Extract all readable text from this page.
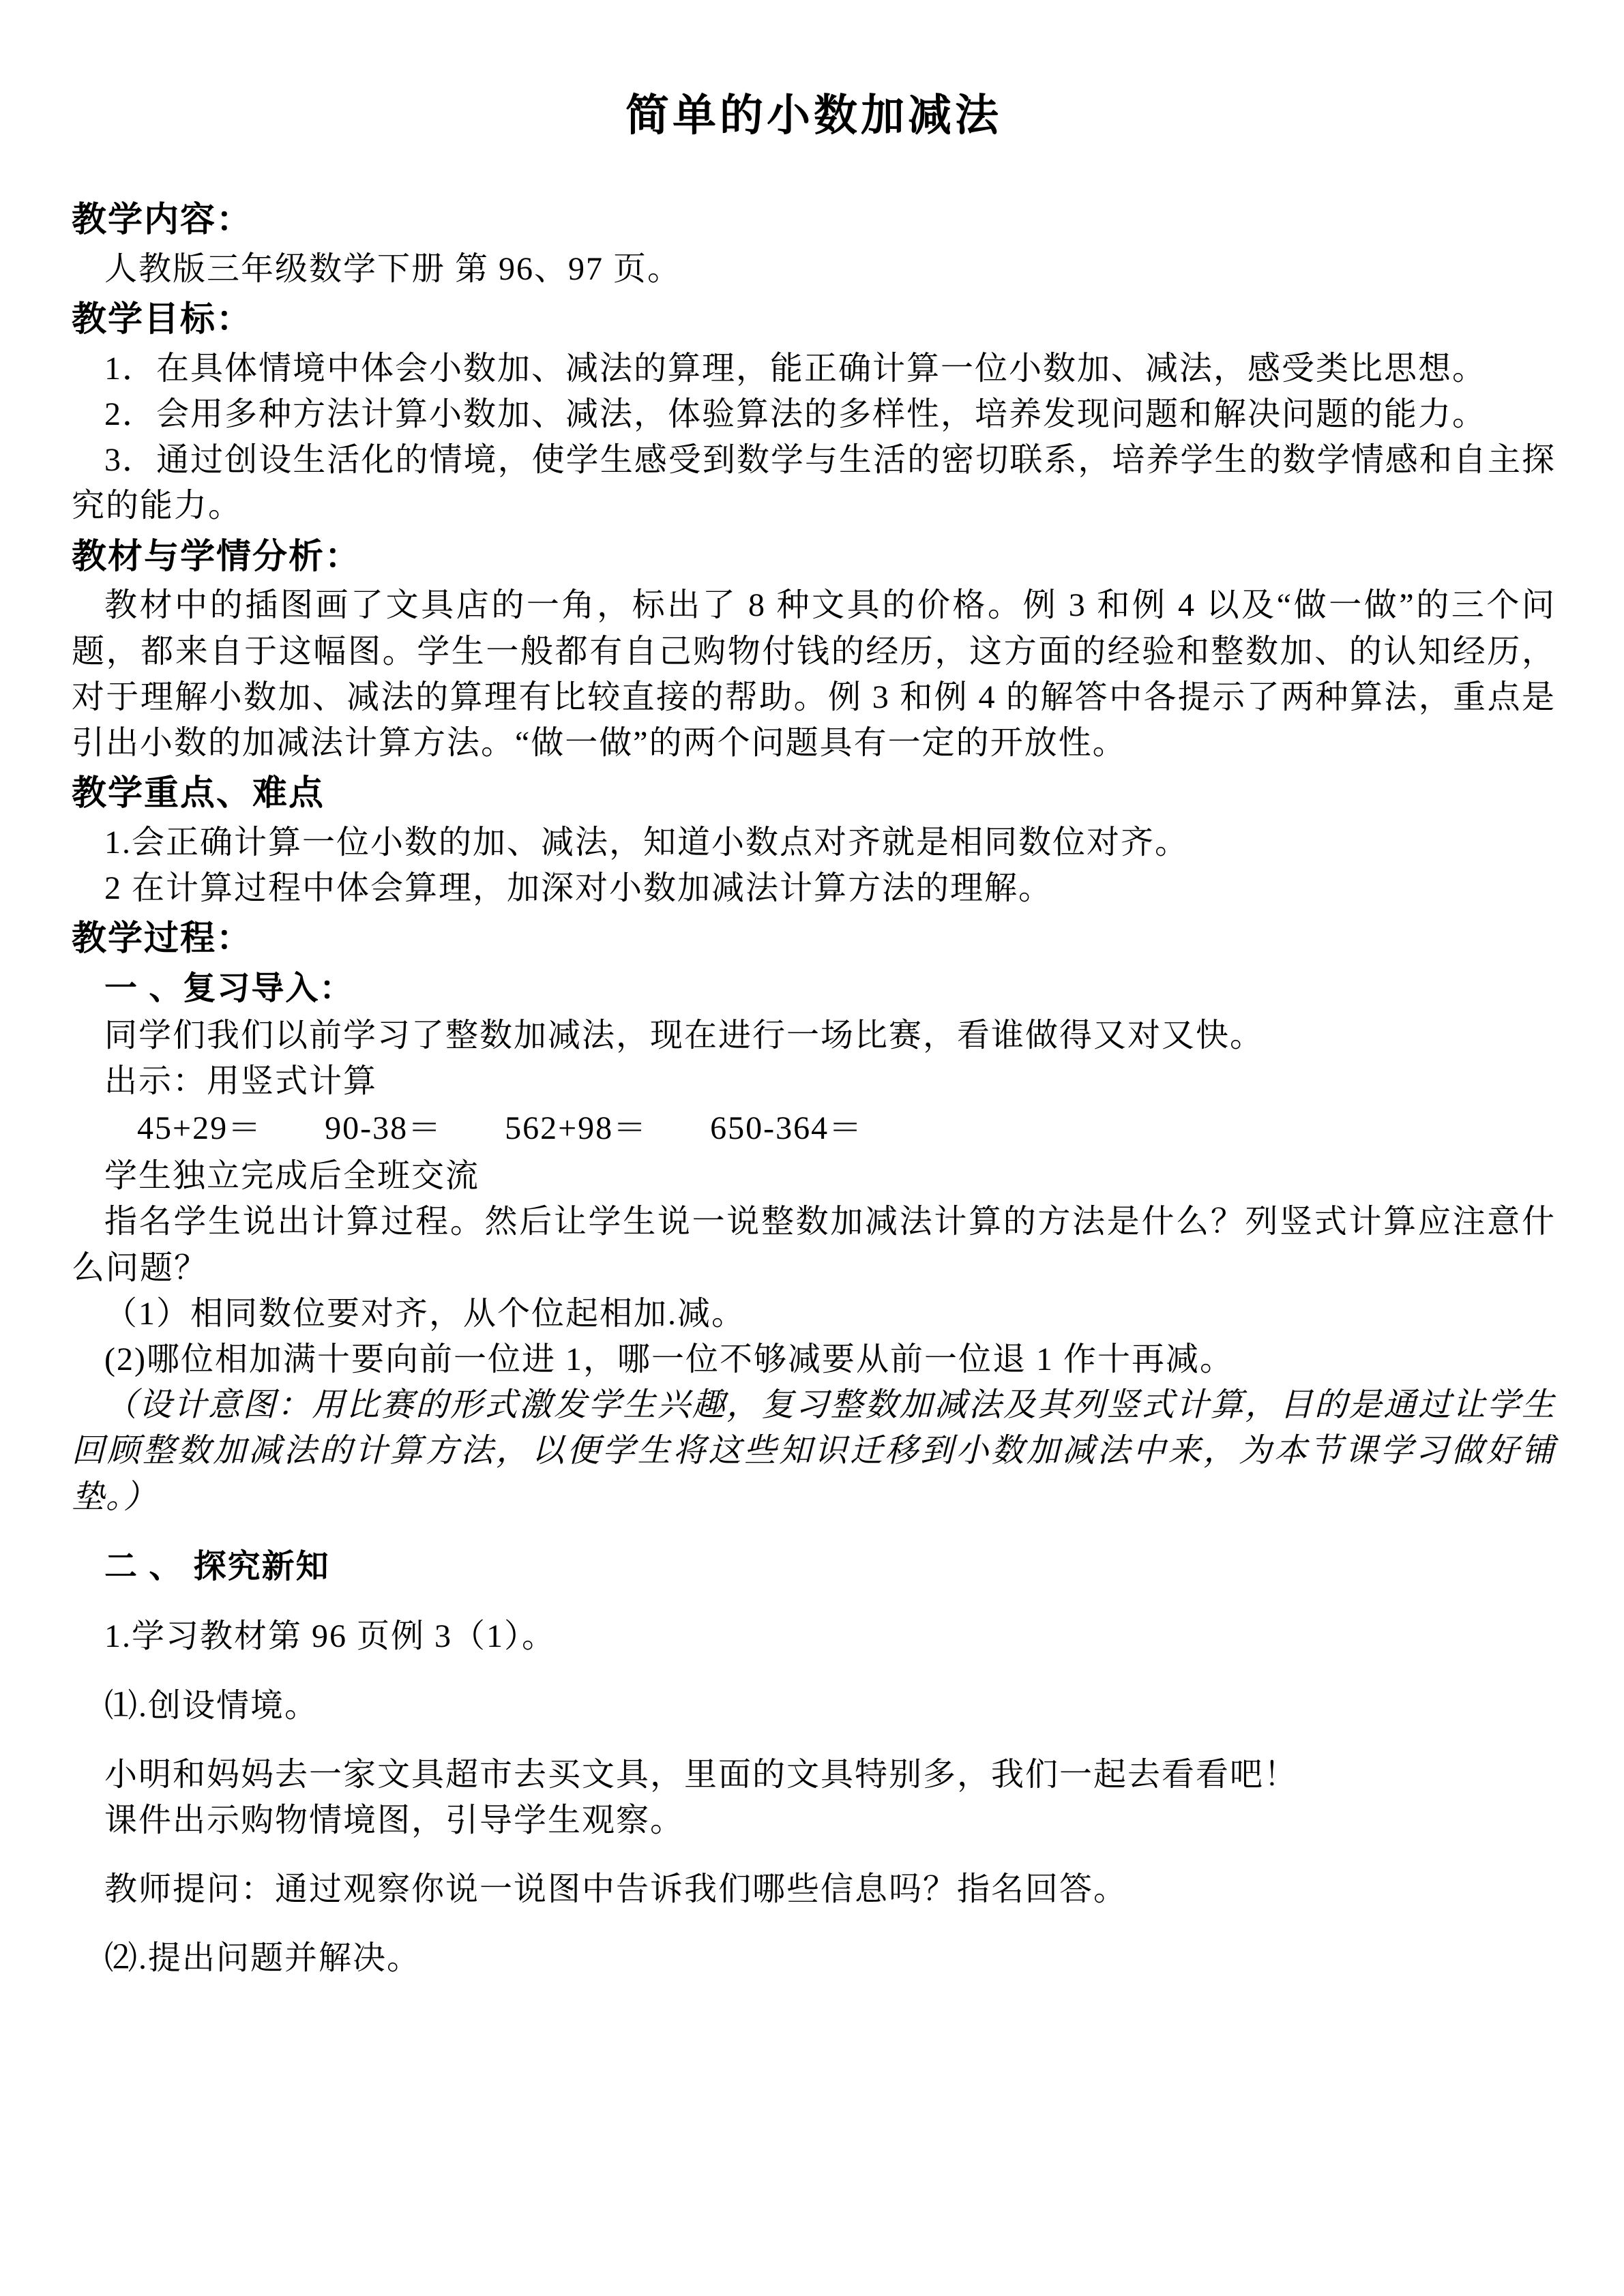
简单的小数加减法
教学内容：

人教版三年级数学下册 第 96、97 页。

教学目标：

1．在具体情境中体会小数加、减法的算理，能正确计算一位小数加、减法，感受类比思想。

2．会用多种方法计算小数加、减法，体验算法的多样性，培养发现问题和解决问题的能力。

3．通过创设生活化的情境，使学生感受到数学与生活的密切联系，培养学生的数学情感和自主探究的能力。

教材与学情分析：

教材中的插图画了文具店的一角，标出了 8 种文具的价格。例 3 和例 4 以及“做一做”的三个问题，都来自于这幅图。学生一般都有自己购物付钱的经历，这方面的经验和整数加、的认知经历，对于理解小数加、减法的算理有比较直接的帮助。例 3 和例 4 的解答中各提示了两种算法，重点是引出小数的加减法计算方法。“做一做”的两个问题具有一定的开放性。

教学重点、难点

1.会正确计算一位小数的加、减法，知道小数点对齐就是相同数位对齐。

2 在计算过程中体会算理，加深对小数加减法计算方法的理解。

教学过程：

一 、复习导入：

同学们我们以前学习了整数加减法，现在进行一场比赛，看谁做得又对又快。

出示：用竖式计算

45+29＝ 90-38＝ 562+98＝ 650-364＝

学生独立完成后全班交流

指名学生说出计算过程。然后让学生说一说整数加减法计算的方法是什么？列竖式计算应注意什么问题？

（1）相同数位要对齐，从个位起相加.减。

(2)哪位相加满十要向前一位进 1，哪一位不够减要从前一位退 1 作十再减。

（设计意图：用比赛的形式激发学生兴趣，复习整数加减法及其列竖式计算，目的是通过让学生回顾整数加减法的计算方法，以便学生将这些知识迁移到小数加减法中来，为本节课学习做好铺垫。）

二 、 探究新知

1.学习教材第 96 页例 3（1）。

⑴.创设情境。

小明和妈妈去一家文具超市去买文具，里面的文具特别多，我们一起去看看吧！

课件出示购物情境图，引导学生观察。

教师提问：通过观察你说一说图中告诉我们哪些信息吗？指名回答。

⑵.提出问题并解决。
